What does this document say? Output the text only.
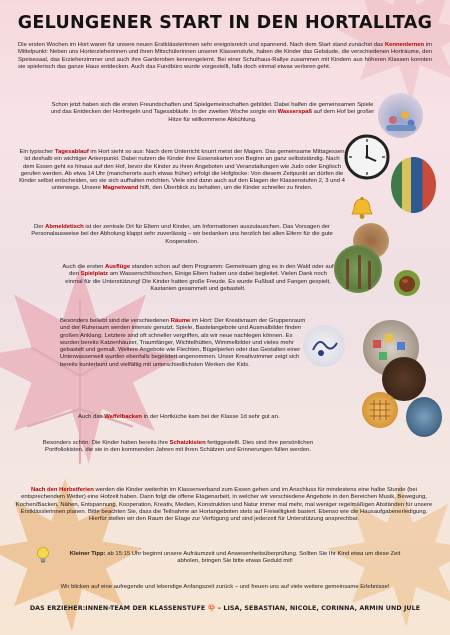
GELUNGENER START IN DEN HORTALLTAG
Die ersten Wochen im Hort waren für unsere neuen Erstklässlerinnen sehr ereignisreich und spannend. Nach dem Start stand zunächst das Kennenlernen im Mittelpunkt: Neben uns Horterzieherinnen und ihren Mitschülerinnen unserer Klassenstufe, haben die Kinder das Gebäude, die verschiedenen Horträume, den Speisesaal, das Erzieherzimmer und auch ihre Garderoben kennengelernt. Bei einer Schulhaus-Rallye zusammen mit Kindern aus höheren Klassen konnten sie spielerisch das ganze Haus entdecken. Auch das Fundbüro wurde vorgestellt, falls doch einmal etwas verloren geht.
Schon jetzt haben sich die ersten Freundschaften und Spielgemeinschaften gebildet. Dabei halfen die gemeinsamen Spiele und das Entdecken der Hortregeln und Tagesabläufe. In der zweiten Woche sorgte ein Wasserspaß auf dem Hof bei großer Hitze für willkommene Abkühlung.
Ein typischer Tagesablauf im Hort sieht so aus: Nach dem Unterricht knurrt meist der Magen. Das gemeinsame Mittagessen ist deshalb ein wichtiger Ankerpunkt. Dabei nutzen die Kinder ihre Essenskarten von Beginn an ganz selbstständig. Nach dem Essen geht es hinaus auf den Hof, bevor die Kinder zu ihren Angeboten und Veranstaltungen wie Judo oder Englisch gerufen werden. Ab etwa 14 Uhr (mancherorts auch etwas früher) erfolgt die Hofglocke: Von diesem Zeitpunkt an dürfen die Kinder selbst entscheiden, wo sie sich aufhalten möchten. Viele sind dann auch auf den Etagen der Klassenstufen 2, 3 und 4 unterwegs. Unsere Magnetwand hilft, den Überblick zu behalten, um die Kinder schneller zu finden.
Der Abmeldetisch ist der zentrale Ort für Eltern und Kinder, um Informationen auszutauschen. Das Vorsagen der Personalausweise bei der Abholung klappt sehr zuverlässig – wir bedanken uns herzlich bei allen Eltern für die gute Kooperation.
Auch die ersten Ausflüge standen schon auf dem Programm: Gemeinsam ging es in den Wald oder auf den Spielplatz am Wasserschlösschen. Einige Eltern haben uns dabei begleitet. Vielen Dank noch einmal für die Unterstützung! Die Kinder hatten große Freude. Es wurde Fußball und Fangen gespielt, Kastanien gesammelt und gebastelt.
Besonders beliebt sind die verschiedenen Räume im Hort: Der Kreativraum der Gruppenraum und der Ruheraum werden intensiv genutzt. Spiele, Bastelangebote und Ausmalbilder finden großen Anklang. Letztere sind oft schneller vergriffen, als wir neue nachlegen können. Es wurden bereits Katzenhäuser, Traumfänger, Wichtelhütten, Wimmelbilder und vieles mehr gebastelt und gemalt. Weitere Angebote wie Flechten, Bügelperlen oder das Gestalten einer Unterwasserwelt wurden ebenfalls begeistert angenommen. Unser Kreativzimmer zeigt sich bereits kunterbunt und vielfältig mit unterschiedlichsten Werken der Kids.
Auch das Waffelbacken in der Hortküche kam bei der Klasse 1d sehr gut an.
Besonders schön: Die Kinder haben bereits ihre Schatzkisten fertiggestellt. Dies sind ihre persönlichen Portfoliokisten, die sie in den kommenden Jahren mit ihren Schätzen und Erinnerungen füllen werden.
Nach den Herbstferien werden die Kinder weiterhin im Klassenverband zum Essen gehen und im Anschluss für mindestens eine halbe Stunde (bei entsprechendem Wetter) eine Hofzeit haben. Dann folgt die offene Etagenarbeit, in welcher wir verschiedene Angebote in den Bereichen Musik, Bewegung, Kochen/Backen, Nähen, Entspannung, Kooperation, Kreativ, Medien, Konstruktion und Natur immer mal mehr, mal weniger regelmäßigen Abständen für unsere Erstklässlerinnen planen. Bitte beachten Sie, dass die Teilnahme an Hortangeboten stets auf Freiwilligkeit basiert. Ebenso wie die Hausaufgabenerledigung. Hierfür stellen wir den Raum der Etage zur Verfügung und sind jederzeit für Unterstützung ansprechbar.
Kleiner Tipp: ab 15:15 Uhr beginnt unsere Aufräumzeit und Anwesenheitsüberprüfung. Sollten Sie Ihr Kind etwa um diese Zeit abholen, bringen Sie bitte etwas Geduld mit!
Wir blicken auf eine aufregende und lebendige Anfangszeit zurück – und freuen uns auf viele weitere gemeinsame Erlebnisse!
DAS ERZIEHER:INNEN-TEAM DER KLASSENSTUFE 🍄 – LISA, SEBASTIAN, NICOLE, CORINNA, ARMIN UND JULE
